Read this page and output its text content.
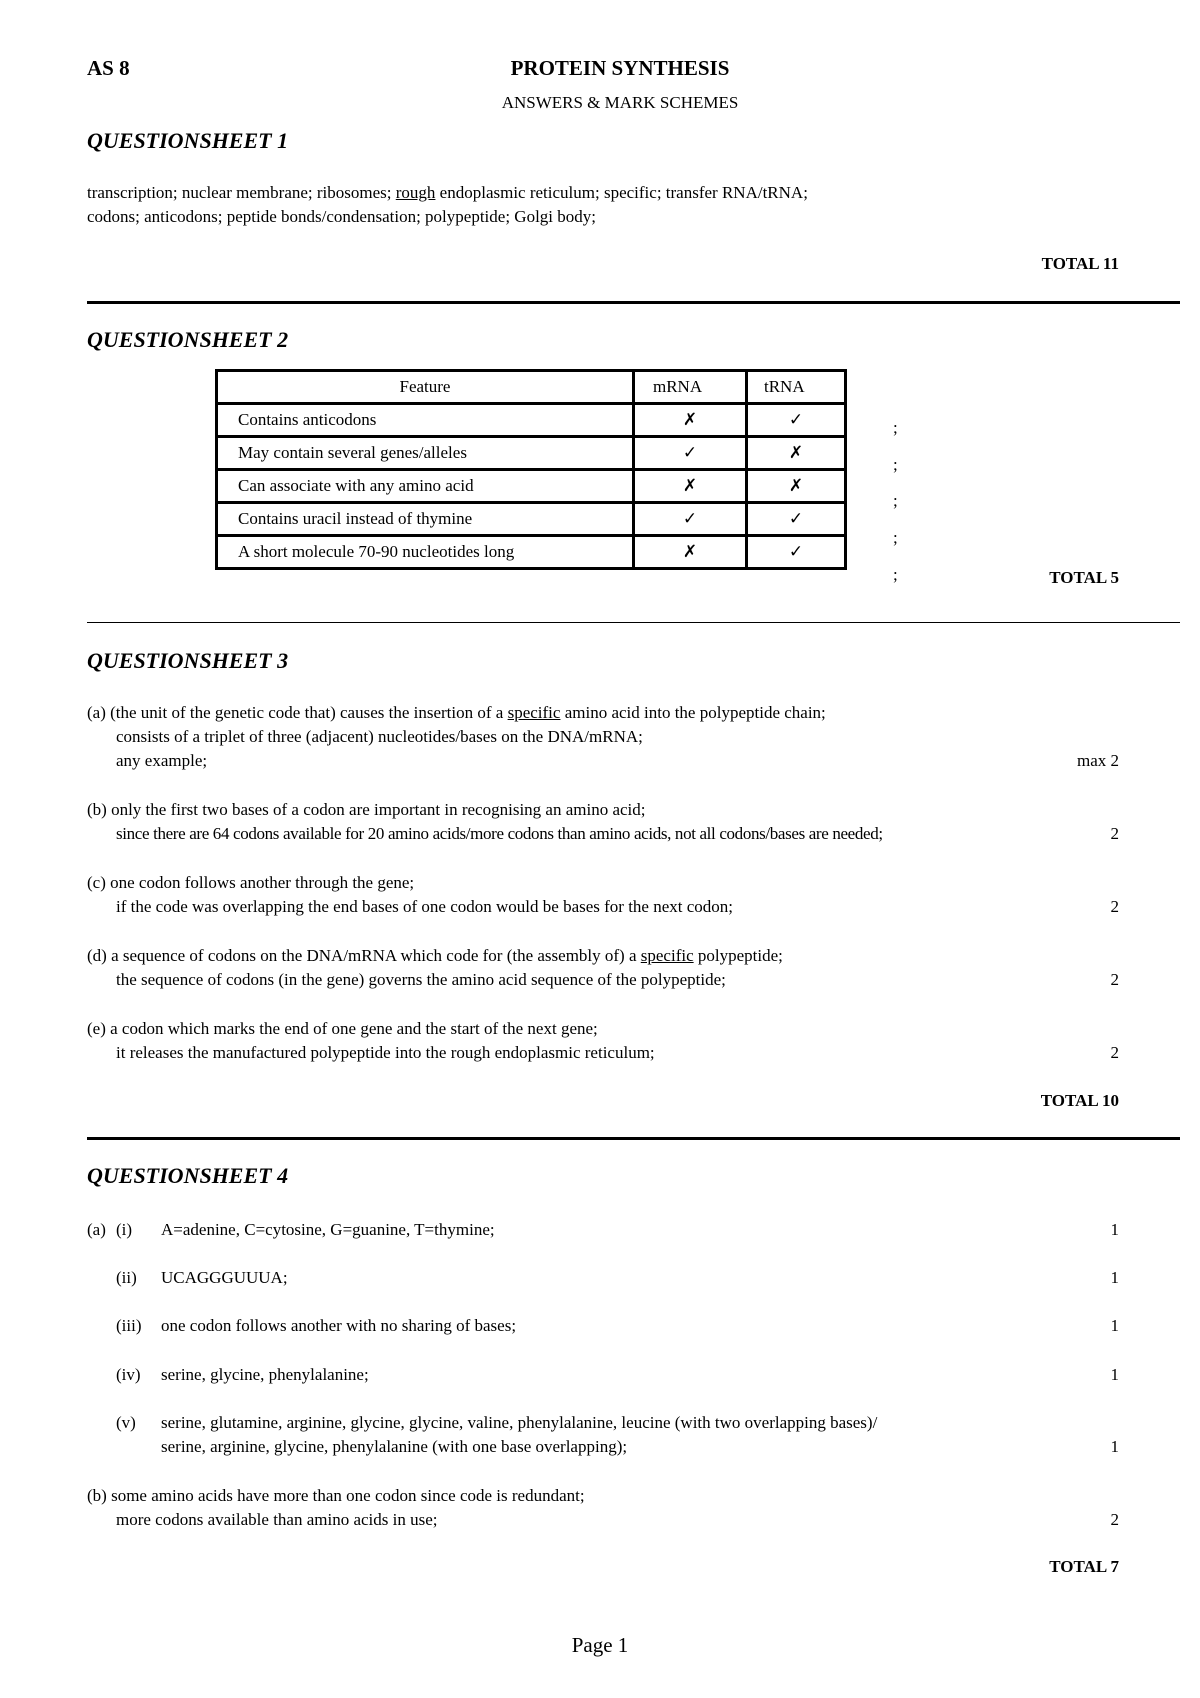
AS 8	PROTEIN SYNTHESIS
ANSWERS & MARK SCHEMES
QUESTIONSHEET 1
transcription; nuclear membrane; ribosomes; rough endoplasmic reticulum; specific; transfer RNA/tRNA;
codons; anticodons; peptide bonds/condensation; polypeptide; Golgi body;
TOTAL 11
QUESTIONSHEET 2
Feature	mRNA	tRNA
Contains anticodons	✗	✓
May contain several genes/alleles	✓	✗
Can associate with any amino acid	✗	✗
Contains uracil instead of thymine	✓	✓
A short molecule 70-90 nucleotides long	✗	✓
;
;
;
;
;	TOTAL 5
QUESTIONSHEET 3
(a) (the unit of the genetic code that) causes the insertion of a specific amino acid into the polypeptide chain;
consists of a triplet of three (adjacent) nucleotides/bases on the DNA/mRNA;
any example;	max 2
(b) only the first two bases of a codon are important in recognising an amino acid;
since there are 64 codons available for 20 amino acids/more codons than amino acids, not all codons/bases are needed;	2
(c) one codon follows another through the gene;
if the code was overlapping the end bases of one codon would be bases for the next codon;	2
(d) a sequence of codons on the DNA/mRNA which code for (the assembly of) a specific polypeptide;
the sequence of codons (in the gene) governs the amino acid sequence of the polypeptide;	2
(e) a codon which marks the end of one gene and the start of the next gene;
it releases the manufactured polypeptide into the rough endoplasmic reticulum;	2
TOTAL 10
QUESTIONSHEET 4
(a) (i) A=adenine, C=cytosine, G=guanine, T=thymine;	1
(ii) UCAGGGUUUA;	1
(iii) one codon follows another with no sharing of bases;	1
(iv) serine, glycine, phenylalanine;	1
(v) serine, glutamine, arginine, glycine, glycine, valine, phenylalanine, leucine (with two overlapping bases)/
serine, arginine, glycine, phenylalanine (with one base overlapping);	1
(b) some amino acids have more than one codon since code is redundant;
more codons available than amino acids in use;	2
TOTAL 7
Page 1
